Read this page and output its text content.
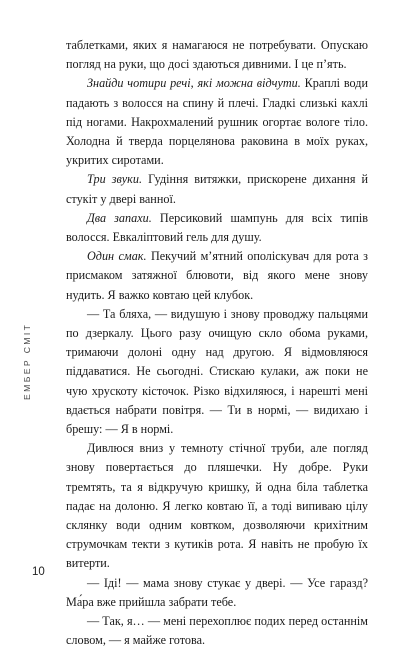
таблетками, яких я намагаюся не потребувати. Опускаю погляд на руки, що досі здаються дивними. І це п’ять.

Знайди чотири речі, які можна відчути. Краплі води падають з волосся на спину й плечі. Гладкі слизькі кахлі під ногами. Накрохмалений рушник огортає вологе тіло. Холодна й тверда порцелянова раковина в моїх руках, укритих сиротами.

Три звуки. Гудіння витяжки, прискорене дихання й стукіт у двері ванної.

Два запахи. Персиковий шампунь для всіх типів волосся. Евкаліптовий гель для душу.

Один смак. Пекучий м’ятний ополіскувач для рота з присмаком затяжної блювоти, від якого мене знову нудить. Я важко ковтаю цей клубок.

— Та бляха, — видушую і знову проводжу пальцями по дзеркалу. Цього разу очищую скло обома руками, тримаючи долоні одну над другою. Я відмовляюся піддаватися. Не сьогодні. Стискаю кулаки, аж поки не чую хрускоту кісточок. Різко відхиляюся, і нарешті мені вдається набрати повітря. — Ти в нормі, — видихаю і брешу: — Я в нормі.

Дивлюся вниз у темноту стічної труби, але погляд знову повертається до пляшечки. Ну добре. Руки тремтять, та я відкручую кришку, й одна біла таблетка падає на долоню. Я легко ковтаю її, а тоді випиваю цілу склянку води одним ковтком, дозволяючи крихітним струмочкам текти з кутиків рота. Я навіть не пробую їх витерти.

— Іді! — мама знову стукає у двері. — Усе гаразд? Ма́ра вже прийшла забрати тебе.

— Так, я… — мені перехоплює подих перед останнім словом, — я майже готова.

ЕМБЕР СМІТ
10
